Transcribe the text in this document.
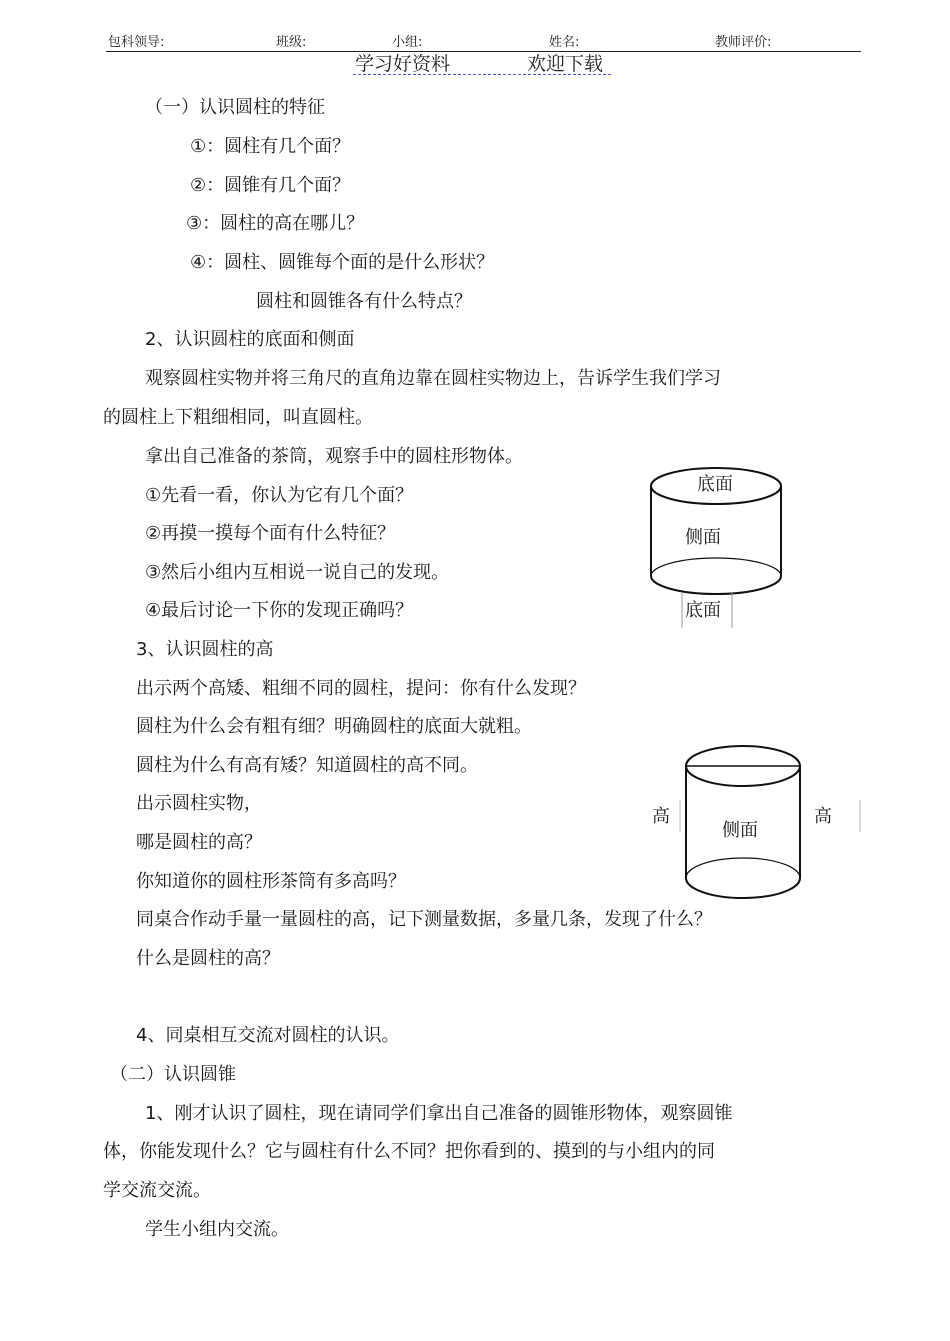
包科领导:	班级:	小组:	姓名:	教师评价:
学习好资料	欢迎下载
（一）认识圆柱的特征
①：圆柱有几个面？
②：圆锥有几个面？
③：圆柱的高在哪儿？
④：圆柱、圆锥每个面的是什么形状？
圆柱和圆锥各有什么特点？
2、认识圆柱的底面和侧面
观察圆柱实物并将三角尺的直角边靠在圆柱实物边上，告诉学生我们学习
的圆柱上下粗细相同，叫直圆柱。
拿出自己准备的茶筒，观察手中的圆柱形物体。
①先看一看，你认为它有几个面？
②再摸一摸每个面有什么特征？
③然后小组内互相说一说自己的发现。
④最后讨论一下你的发现正确吗？
3、认识圆柱的高
出示两个高矮、粗细不同的圆柱，提问：你有什么发现？
圆柱为什么会有粗有细？明确圆柱的底面大就粗。
圆柱为什么有高有矮？知道圆柱的高不同。
出示圆柱实物，
哪是圆柱的高？
你知道你的圆柱形茶筒有多高吗？
同桌合作动手量一量圆柱的高，记下测量数据，多量几条，发现了什么？
什么是圆柱的高？
4、同桌相互交流对圆柱的认识。
（二）认识圆锥
1、刚才认识了圆柱，现在请同学们拿出自己准备的圆锥形物体，观察圆锥
体，你能发现什么？它与圆柱有什么不同？把你看到的、摸到的与小组内的同
学交流交流。
学生小组内交流。
底面
侧面
底面
高	高
侧面
